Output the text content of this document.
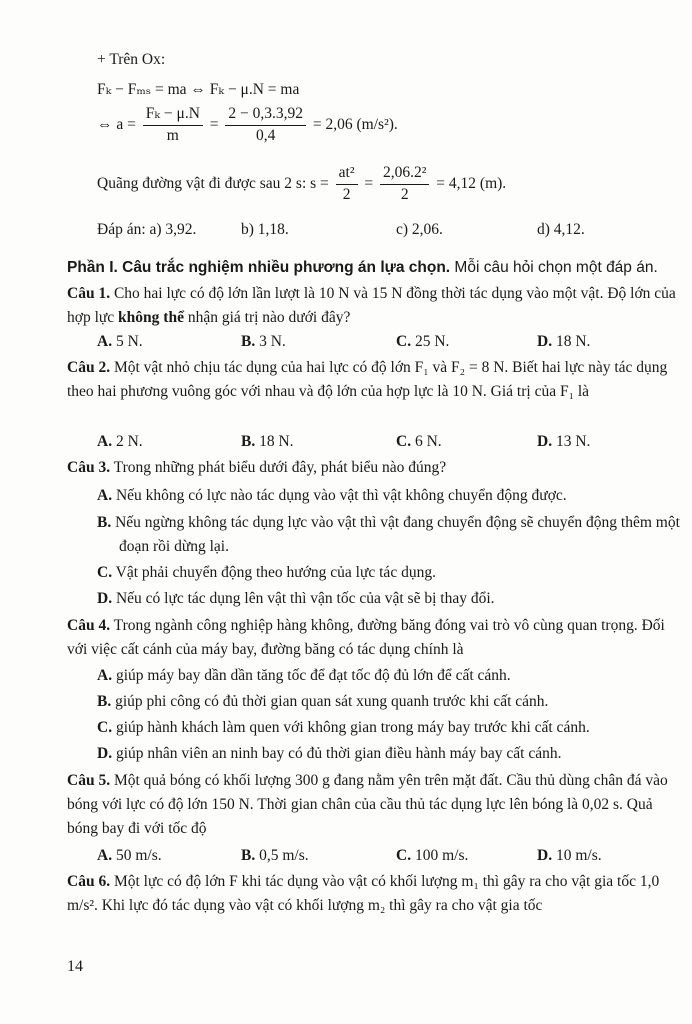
+ Trên Ox:
Fₖ − Fₘₛ = ma ⇔ Fₖ − μ.N = ma
⇔ $a = \frac{\text{Fₖ − μ.N}}{m} = \frac{2 - 0,3.3,92}{0,4} = 2,06$ (m/s²).
Quãng đường vật đi được sau 2 s: $s = \frac{\text{at²}}{2} = \frac{\text{2,06.2²}}{2} = 4,12$ (m).
Đáp án: a) 3,92.	b) 1,18.	c) 2,06.	d) 4,12.
Phần I. Câu trắc nghiệm nhiều phương án lựa chọn. Mỗi câu hỏi chọn một đáp án.
Câu 1. Cho hai lực có độ lớn lần lượt là 10 N và 15 N đồng thời tác dụng vào một vật. Độ lớn của hợp lực không thể nhận giá trị nào dưới đây?
A. 5 N.	B. 3 N.	C. 25 N.	D. 18 N.
Câu 2. Một vật nhỏ chịu tác dụng của hai lực có độ lớn F₁ và F₂ = 8 N. Biết hai lực này tác dụng theo hai phương vuông góc với nhau và độ lớn của hợp lực là 10 N. Giá trị của F₁ là
A. 2 N.	B. 18 N.	C. 6 N.	D. 13 N.
Câu 3. Trong những phát biểu dưới đây, phát biểu nào đúng?
A. Nếu không có lực nào tác dụng vào vật thì vật không chuyển động được.
B. Nếu ngừng không tác dụng lực vào vật thì vật đang chuyển động sẽ chuyển động thêm một đoạn rồi dừng lại.
C. Vật phải chuyển động theo hướng của lực tác dụng.
D. Nếu có lực tác dụng lên vật thì vận tốc của vật sẽ bị thay đổi.
Câu 4. Trong ngành công nghiệp hàng không, đường băng đóng vai trò vô cùng quan trọng. Đối với việc cất cánh của máy bay, đường băng có tác dụng chính là
A. giúp máy bay dần dần tăng tốc để đạt tốc độ đủ lớn để cất cánh.
B. giúp phi công có đủ thời gian quan sát xung quanh trước khi cất cánh.
C. giúp hành khách làm quen với không gian trong máy bay trước khi cất cánh.
D. giúp nhân viên an ninh bay có đủ thời gian điều hành máy bay cất cánh.
Câu 5. Một quả bóng có khối lượng 300 g đang nằm yên trên mặt đất. Cầu thủ dùng chân đá vào bóng với lực có độ lớn 150 N. Thời gian chân của cầu thủ tác dụng lực lên bóng là 0,02 s. Quả bóng bay đi với tốc độ
A. 50 m/s.	B. 0,5 m/s.	C. 100 m/s.	D. 10 m/s.
Câu 6. Một lực có độ lớn F khi tác dụng vào vật có khối lượng m₁ thì gây ra cho vật gia tốc 1,0 m/s². Khi lực đó tác dụng vào vật có khối lượng m₂ thì gây ra cho vật gia tốc
14
